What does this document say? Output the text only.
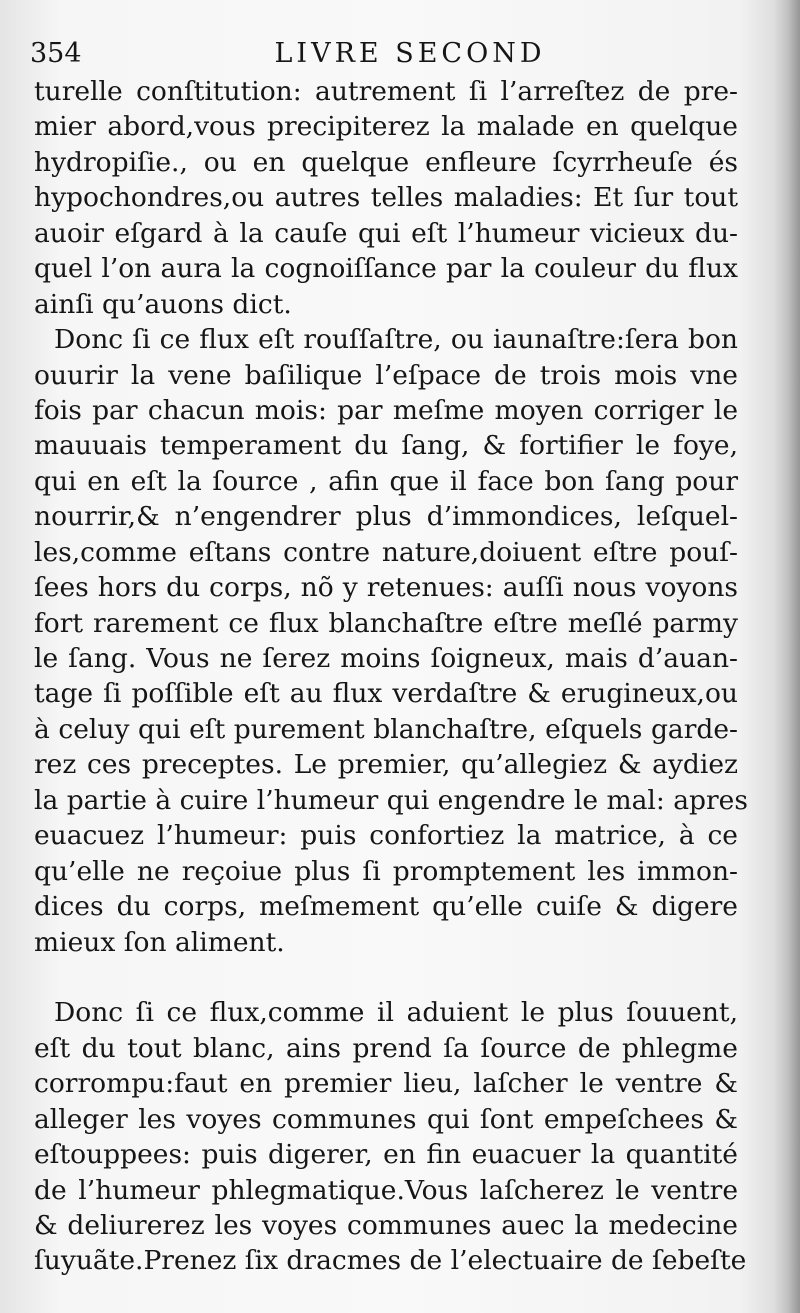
354	LIVRE SECOND
turelle conſtitution: autrement ſi l’arreſtez de pre-
mier abord,vous precipiterez la malade en quelque
hydropiſie., ou en quelque enfleure ſcyrrheuſe és
hypochondres,ou autres telles maladies: Et ſur tout
auoir eſgard à la cauſe qui eſt l’humeur vicieux du-
quel l’on aura la cognoiſſance par la couleur du flux
ainſi qu’auons dict.
Donc ſi ce flux eſt rouſſaſtre, ou iaunaſtre:ſera bon
ouurir la vene baſilique l’eſpace de trois mois vne
fois par chacun mois: par meſme moyen corriger le
mauuais temperament du ſang, & fortifier le foye,
qui en eſt la ſource , afin que il face bon ſang pour
nourrir,& n’engendrer plus d’immondices, leſquel-
les,comme eſtans contre nature,doiuent eſtre pouſ-
ſees hors du corps, nõ y retenues: auſſi nous voyons
fort rarement ce flux blanchaſtre eſtre meſlé parmy
le ſang. Vous ne ſerez moins ſoigneux, mais d’auan-
tage ſi poſſible eſt au flux verdaſtre & erugineux,ou
à celuy qui eſt purement blanchaſtre, eſquels garde-
rez ces preceptes. Le premier, qu’allegiez & aydiez
la partie à cuire l’humeur qui engendre le mal: apres
euacuez l’humeur: puis confortiez la matrice, à ce
qu’elle ne reçoiue plus ſi promptement les immon-
dices du corps, meſmement qu’elle cuiſe & digere
mieux ſon aliment.
Donc ſi ce flux,comme il aduient le plus ſouuent,
eſt du tout blanc, ains prend ſa ſource de phlegme
corrompu:faut en premier lieu, laſcher le ventre &
alleger les voyes communes qui ſont empeſchees &
eſtouppees: puis digerer, en fin euacuer la quantité
de l’humeur phlegmatique.Vous laſcherez le ventre
& deliurerez les voyes communes auec la medecine
ſuyuãte.Prenez ſix dracmes de l’electuaire de ſebeſte
